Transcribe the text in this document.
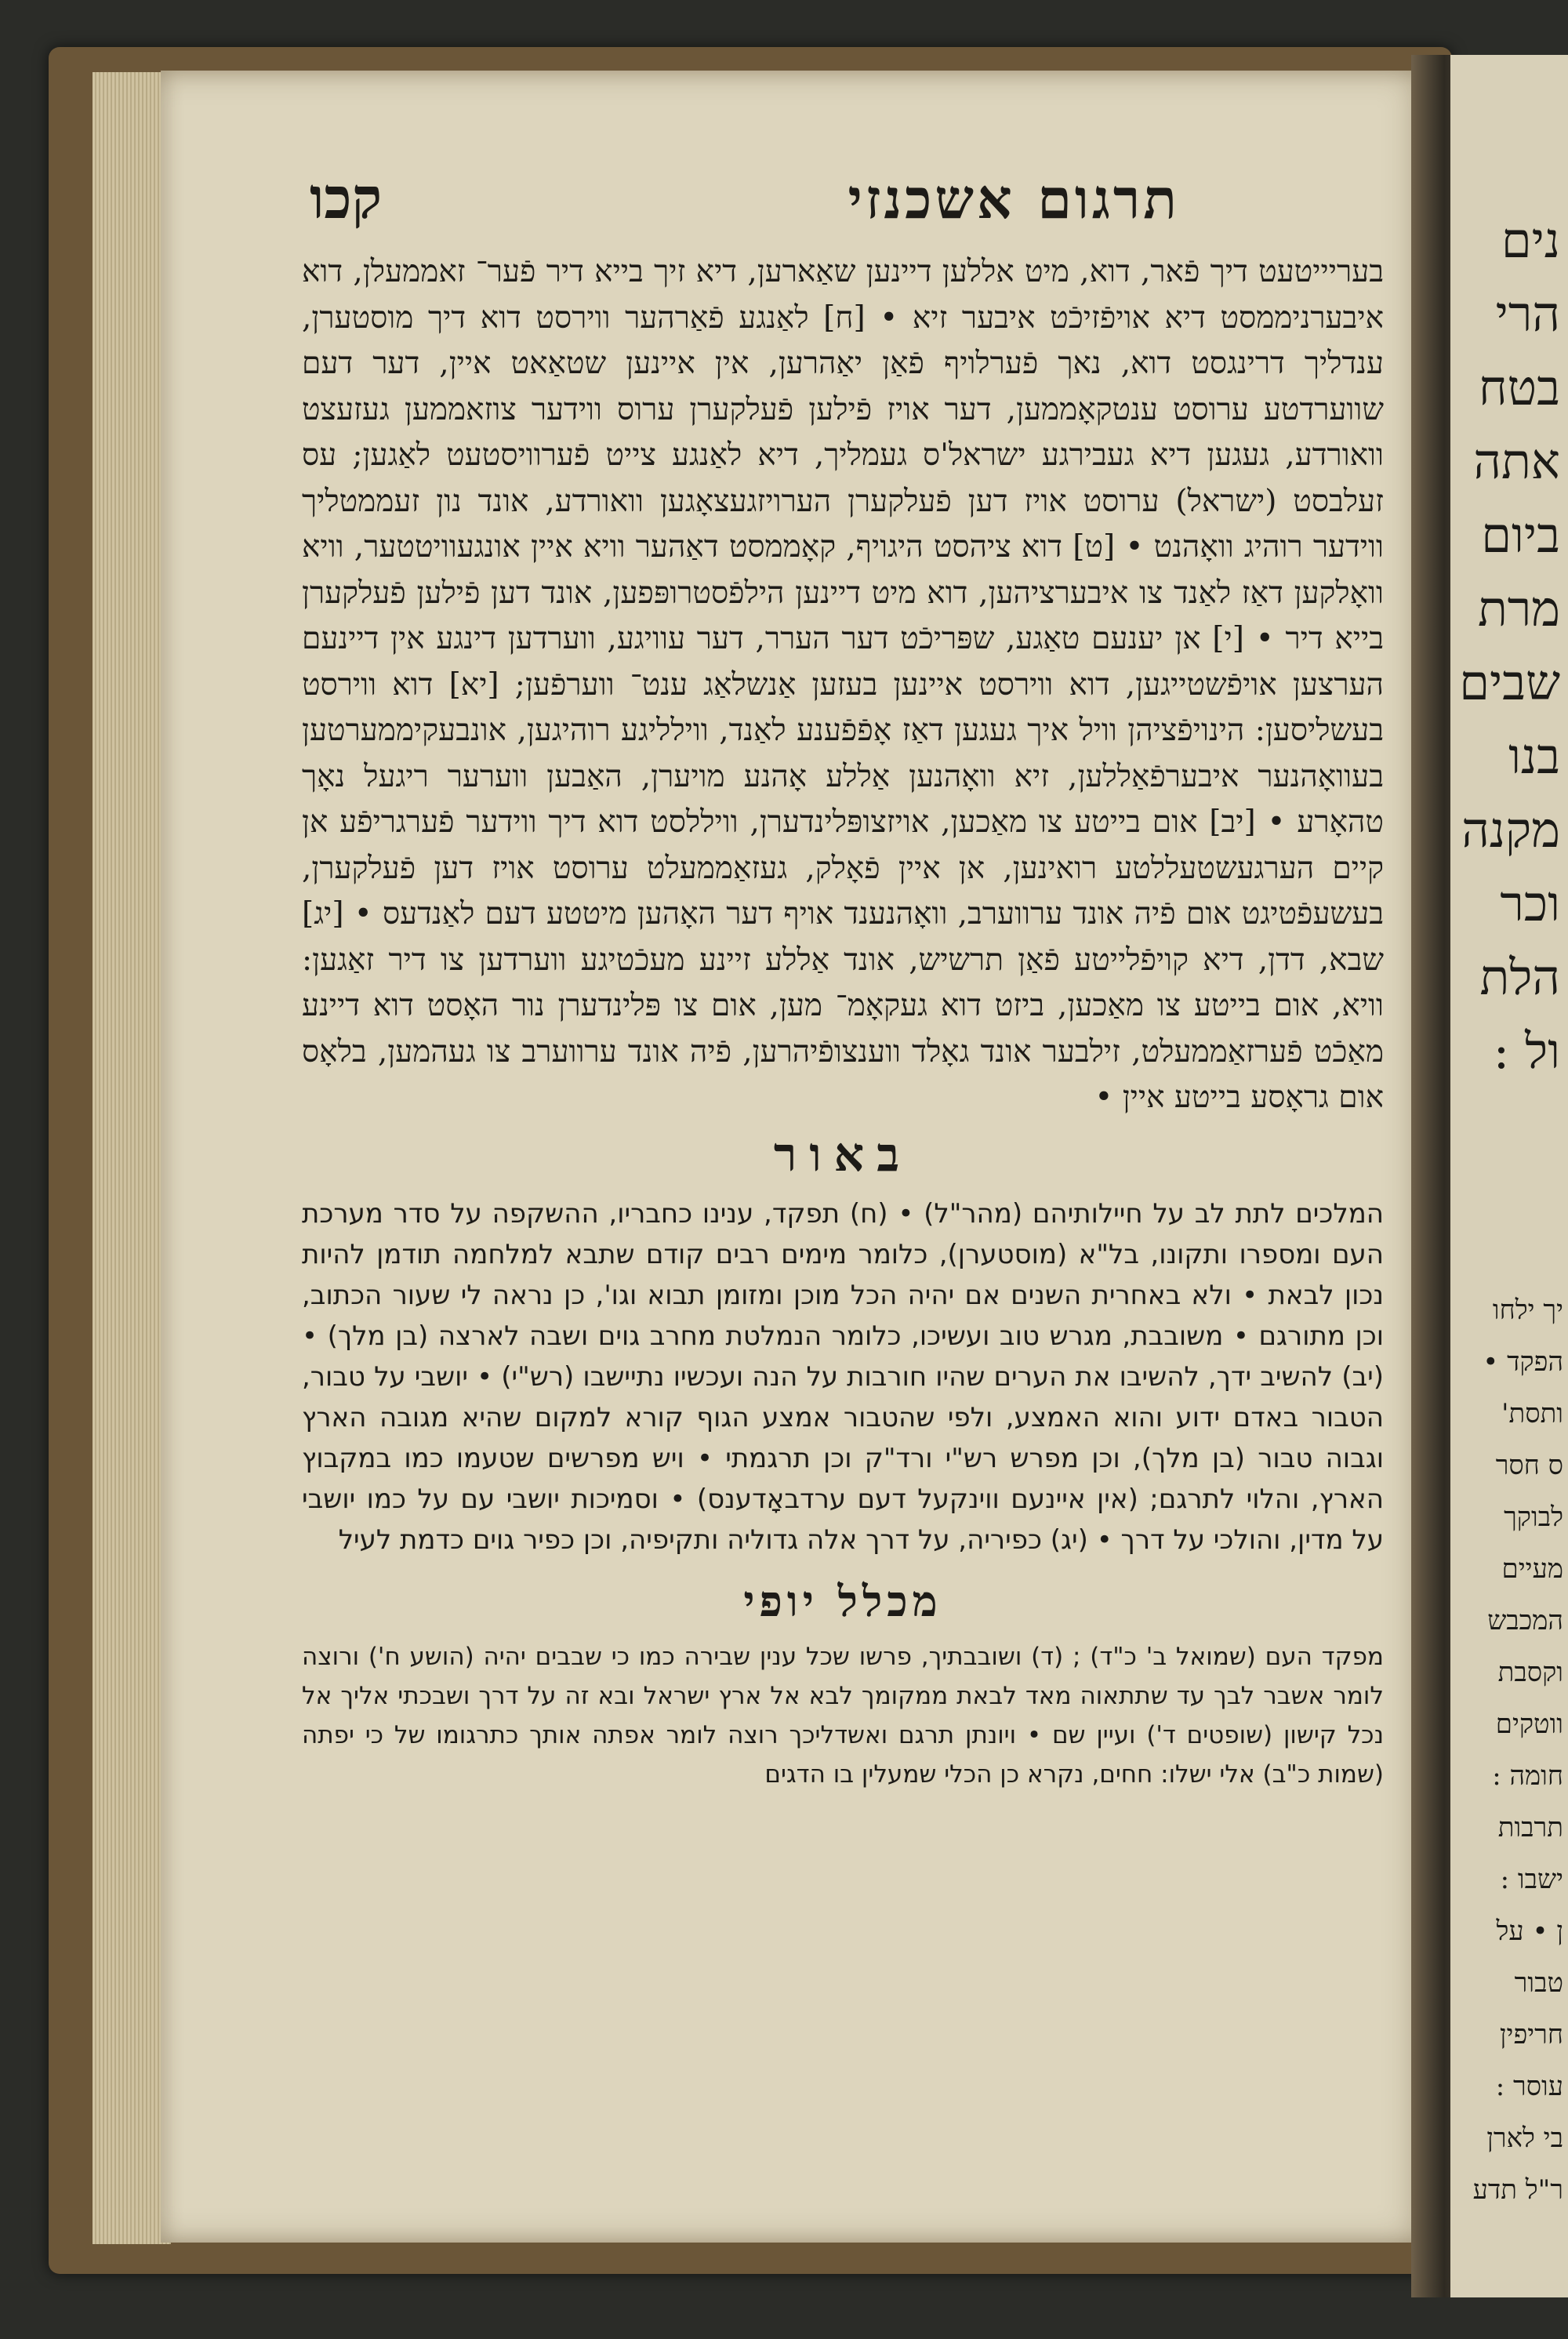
נים
הרי
בטח
אתה
ביום
מרת
שבים
בנו
מקנה
וכר
הלת
ול :
יך ילחו
הפקד •
ותסת'
ס חסר
לבוקך
מעיים
המכבש
וקסבת
ווטקים
חומה :
תרבות
ישבו :
ן • על
טבור
חריפין
עוסר :
בי לארן
ר"ל תדע
תרגום אשכנזי
קכו
בעריייטעט דיך פֿאר, דוא, מיט אללען דיינען שאַארען, דיא זיך בייא דיר פֿער־ זאממעלן, דוא איבערניממסט דיא אויפֿזיכֿט איבער זיא • [ח] לאַנגע פֿאַרהער ווירסט דוא דיך מוסטערן, ענדליך דרינגסט דוא, נאך פֿערלויף פֿאַן יאַהרען, אין איינען שטאַאט איין, דער דעם שווערדטע ערוסט ענטקאָממען, דער אויז פֿילען פֿעלקערן ערוס ווידער צוזאממען געזעצט וואורדע, געגען דיא געבירגע ישראל'ס געמליך, דיא לאַנגע צייט פֿערוויסטעט לאַגען; עס זעלבסט (ישראל) ערוסט אויז דען פֿעלקערן הערויזגעצאָגען וואורדע, אונד נון זעממטליך ווידער רוהיג וואָהנט • [ט] דוא ציהסט היגויף, קאָממסט דאַהער וויא איין אונגעוויטטער, וויא וואָלקען דאַז לאַנד צו איבערציהען, דוא מיט דיינען הילפֿסטרופּפען, אונד דען פֿילען פֿעלקערן בייא דיר • [י] אן יענעם טאַגע, שפּריכֿט דער הערר, דער עוויגע, ווערדען דינגע אין דיינעם הערצען אויפֿשטייגען, דוא ווירסט איינען בעזען אַנשלאַג ענט־ ווערפֿען; [יא] דוא ווירסט בעשליסען: הינויפֿציהן וויל איך געגען דאַז אָפֿפֿענע לאַנד, ווילליגע רוהיגען, אונבעקיממערטען בעוואָהנער איבערפֿאַללען, זיא וואָהנען אַללע אָהנע מויערן, האַבען ווערער ריגעל נאָך טהאָרע • [יב] אום בייטע צו מאַכען, אויזצופּלינדערן, וויללסט דוא דיך ווידער פֿערגריפֿע אן קיים הערגעשטעללטע רואינען, אן איין פֿאָלק, געזאַממעלט ערוסט אויז דען פֿעלקערן, בעשעפֿטיגט אום פֿיה אונד ערווערב, וואָהנענד אויף דער האָהען מיטטע דעם לאַנדעס • [יג] שבא, דדן, דיא קויפֿלייטע פֿאַן תרשיש, אונד אַללע זיינע מעכֿטיגע ווערדען צו דיר זאַגען: וויא, אום בייטע צו מאַכען, ביזט דוא געקאָמ־ מען, אום צו פּלינדערן נור האָסט דוא דיינע מאַכֿט פֿערזאַממעלט, זילבער אונד גאָלד ווענצופֿיהרען, פֿיה אונד ערווערב צו געהמען, בלאָס אום גראָסע בייטע איין •
באור
המלכים לתת לב על חיילותיהם (מהר"ל) • (ח) תפקד, ענינו כחבריו, ההשקפה על סדר מערכת העם ומספרו ותקונו, בל"א (מוסטערן), כלומר מימים רבים קודם שתבא למלחמה תודמן להיות נכון לבאת • ולא באחרית השנים אם יהיה הכל מוכן ומזומן תבוא וגו', כן נראה לי שעור הכתוב, וכן מתורגם • משובבת, מגרש טוב ועשיכו, כלומר הנמלטת מחרב גוים ושבה לארצה (בן מלך) • (יב) להשיב ידך, להשיבו את הערים שהיו חורבות על הנה ועכשיו נתיישבו (רש"י) • יושבי על טבור, הטבור באדם ידוע והוא האמצע, ולפי שהטבור אמצע הגוף קורא למקום שהיא מגובה הארץ וגבוה טבור (בן מלך), וכן מפרש רש"י ורד"ק וכן תרגמתי • ויש מפרשים שטעמו כמו במקבוץ הארץ, והלוי לתרגם; (אין איינעם ווינקעל דעם ערדבאָדענס) • וסמיכות יושבי עם על כמו יושבי על מדין, והולכי על דרך • (יג) כפיריה, על דרך אלה גדוליה ותקיפיה, וכן כפיר גוים כדמת לעיל
מכלל יופי
מפקד העם (שמואל ב' כ"ד) ; (ד) ושובבתיך, פרשו שכל ענין שבירה כמו כי שבבים יהיה (הושע ח') ורוצה לומר אשבר לבך עד שתתאוה מאד לבאת ממקומך לבא אל ארץ ישראל ובא זה על דרך ושבכתי אליך אל נכל קישון (שופטים ד') ועיין שם • ויונתן תרגם ואשדליכך רוצה לומר אפתה אותך כתרגומו של כי יפתה (שמות כ"ב) אלי ישלו: חחים, נקרא כן הכלי שמעלין בו הדגים
